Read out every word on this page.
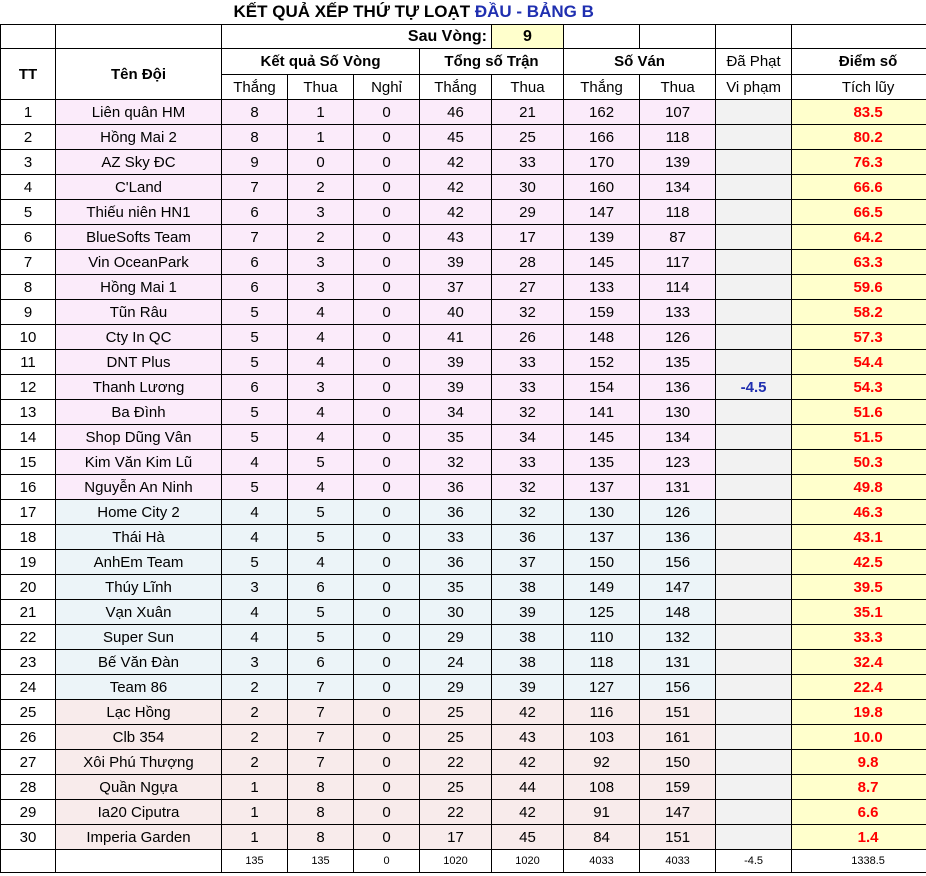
		KẾT QUẢ XẾP THỨ TỰ LOẠT ĐẦU - BẢNG B								
				Sau Vòng:		9				
TT	Tên Đội	Kết quả Số Vòng			Tổng số Trận		Số Ván		Đã Phạt	Điểm số
		Thắng	Thua	Nghỉ	Thắng	Thua	Thắng	Thua	Vi phạm	Tích lũy
1	Liên quân HM	8	1	0	46	21	162	107		83.5
2	Hồng Mai 2	8	1	0	45	25	166	118		80.2
3	AZ Sky ĐC	9	0	0	42	33	170	139		76.3
4	C'Land	7	2	0	42	30	160	134		66.6
5	Thiếu niên HN1	6	3	0	42	29	147	118		66.5
6	BlueSofts Team	7	2	0	43	17	139	87		64.2
7	Vin OceanPark	6	3	0	39	28	145	117		63.3
8	Hồng Mai 1	6	3	0	37	27	133	114		59.6
9	Tũn Râu	5	4	0	40	32	159	133		58.2
10	Cty In QC	5	4	0	41	26	148	126		57.3
11	DNT Plus	5	4	0	39	33	152	135		54.4
12	Thanh Lương	6	3	0	39	33	154	136	-4.5	54.3
13	Ba Đình	5	4	0	34	32	141	130		51.6
14	Shop Dũng Vân	5	4	0	35	34	145	134		51.5
15	Kim Văn Kim Lũ	4	5	0	32	33	135	123		50.3
16	Nguyễn An Ninh	5	4	0	36	32	137	131		49.8
17	Home City 2	4	5	0	36	32	130	126		46.3
18	Thái Hà	4	5	0	33	36	137	136		43.1
19	AnhEm Team	5	4	0	36	37	150	156		42.5
20	Thúy Lĩnh	3	6	0	35	38	149	147		39.5
21	Vạn Xuân	4	5	0	30	39	125	148		35.1
22	Super Sun	4	5	0	29	38	110	132		33.3
23	Bế Văn Đàn	3	6	0	24	38	118	131		32.4
24	Team 86	2	7	0	29	39	127	156		22.4
25	Lạc Hồng	2	7	0	25	42	116	151		19.8
26	Clb 354	2	7	0	25	43	103	161		10.0
27	Xôi Phú Thượng	2	7	0	22	42	92	150		9.8
28	Quần Ngựa	1	8	0	25	44	108	159		8.7
29	Ia20 Ciputra	1	8	0	22	42	91	147		6.6
30	Imperia Garden	1	8	0	17	45	84	151		1.4
		135	135	0	1020	1020	4033	4033	-4.5	1338.5
